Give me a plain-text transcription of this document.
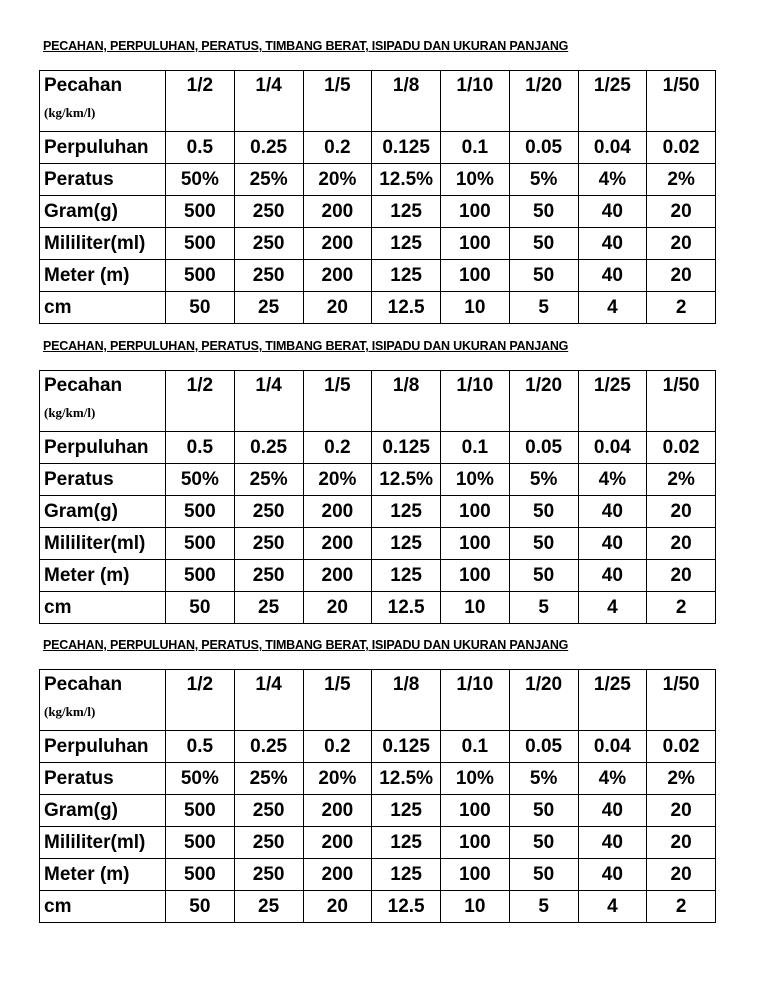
PECAHAN, PERPULUHAN, PERATUS, TIMBANG BERAT, ISIPADU DAN UKURAN PANJANG
Pecahan
(kg/km/l)	1/2	1/4	1/5	1/8	1/10	1/20	1/25	1/50
Perpuluhan	0.5	0.25	0.2	0.125	0.1	0.05	0.04	0.02
Peratus	50%	25%	20%	12.5%	10%	5%	4%	2%
Gram(g)	500	250	200	125	100	50	40	20
Mililiter(ml)	500	250	200	125	100	50	40	20
Meter (m)	500	250	200	125	100	50	40	20
cm	50	25	20	12.5	10	5	4	2
PECAHAN, PERPULUHAN, PERATUS, TIMBANG BERAT, ISIPADU DAN UKURAN PANJANG
Pecahan
(kg/km/l)	1/2	1/4	1/5	1/8	1/10	1/20	1/25	1/50
Perpuluhan	0.5	0.25	0.2	0.125	0.1	0.05	0.04	0.02
Peratus	50%	25%	20%	12.5%	10%	5%	4%	2%
Gram(g)	500	250	200	125	100	50	40	20
Mililiter(ml)	500	250	200	125	100	50	40	20
Meter (m)	500	250	200	125	100	50	40	20
cm	50	25	20	12.5	10	5	4	2
PECAHAN, PERPULUHAN, PERATUS, TIMBANG BERAT, ISIPADU DAN UKURAN PANJANG
Pecahan
(kg/km/l)	1/2	1/4	1/5	1/8	1/10	1/20	1/25	1/50
Perpuluhan	0.5	0.25	0.2	0.125	0.1	0.05	0.04	0.02
Peratus	50%	25%	20%	12.5%	10%	5%	4%	2%
Gram(g)	500	250	200	125	100	50	40	20
Mililiter(ml)	500	250	200	125	100	50	40	20
Meter (m)	500	250	200	125	100	50	40	20
cm	50	25	20	12.5	10	5	4	2
